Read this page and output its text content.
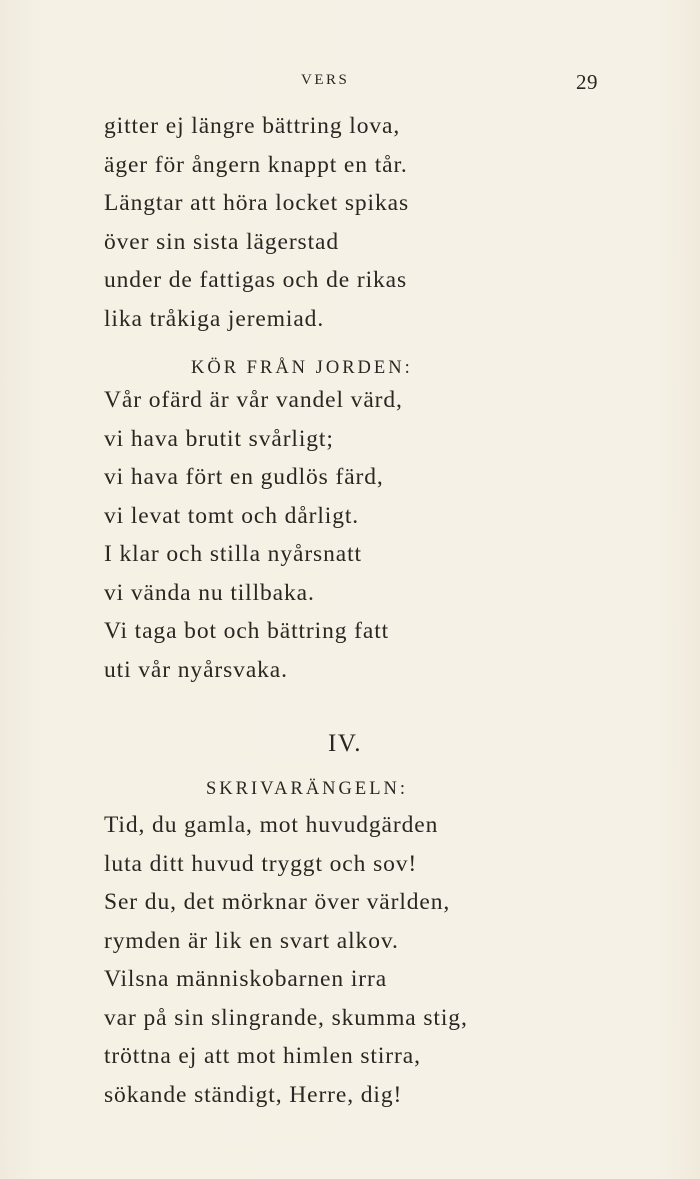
VERS	29
gitter ej längre bättring lova,
äger för ångern knappt en tår.
Längtar att höra locket spikas
över sin sista lägerstad
under de fattigas och de rikas
lika tråkiga jeremiad.
KÖR FRÅN JORDEN:
Vår ofärd är vår vandel värd,
vi hava brutit svårligt;
vi hava fört en gudlös färd,
vi levat tomt och dårligt.
I klar och stilla nyårsnatt
vi vända nu tillbaka.
Vi taga bot och bättring fatt
uti vår nyårsvaka.
IV.
SKRIVARÄNGELN:
Tid, du gamla, mot huvudgärden
luta ditt huvud tryggt och sov!
Ser du, det mörknar över världen,
rymden är lik en svart alkov.
Vilsna människobarnen irra
var på sin slingrande, skumma stig,
tröttna ej att mot himlen stirra,
sökande ständigt, Herre, dig!
